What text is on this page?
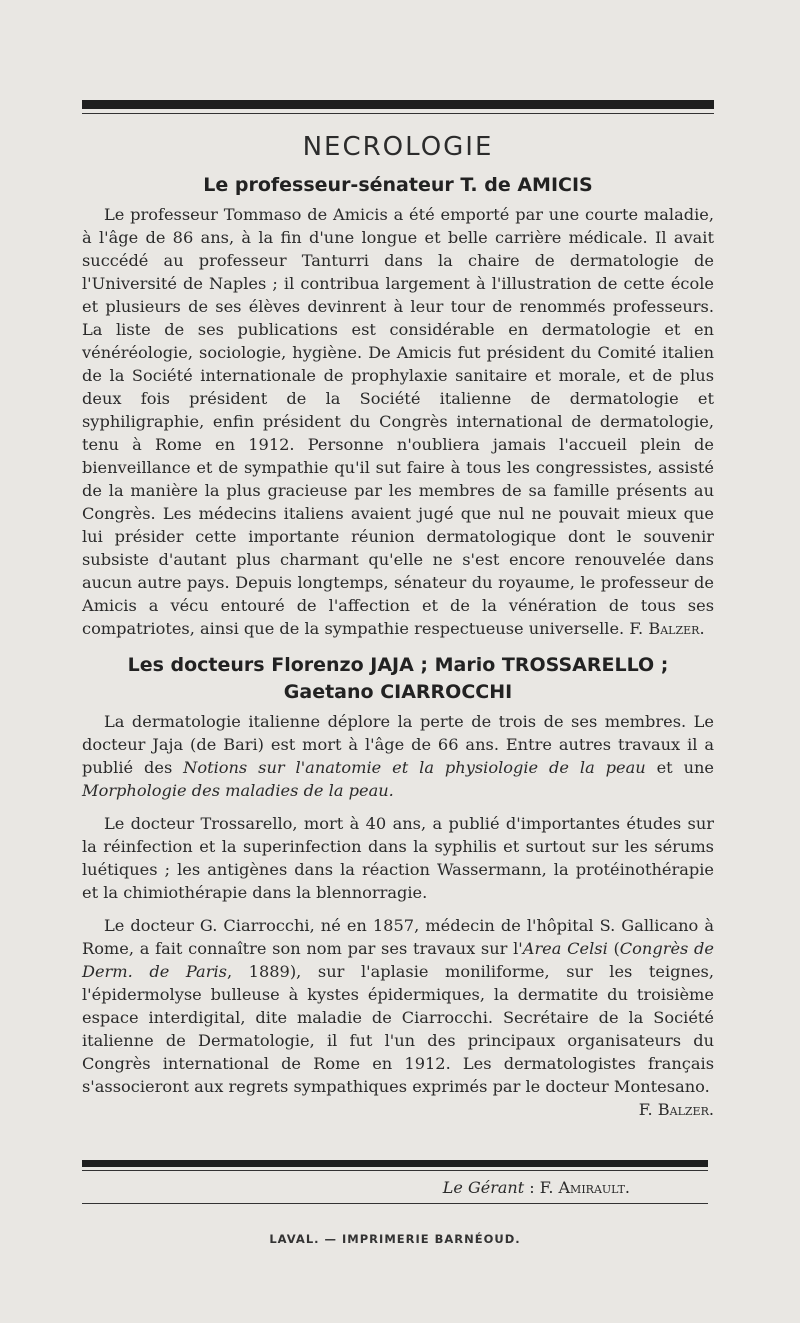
NECROLOGIE
Le professeur-sénateur T. de AMICIS

Le professeur Tommaso de Amicis a été emporté par une courte maladie, à l'âge de 86 ans, à la fin d'une longue et belle carrière médicale. Il avait succédé au professeur Tanturri dans la chaire de dermatologie de l'Université de Naples ; il contribua largement à l'illustration de cette école et plusieurs de ses élèves devinrent à leur tour de renommés professeurs. La liste de ses publications est considérable en dermatologie et en vénéréologie, sociologie, hygiène. De Amicis fut président du Comité italien de la Société internationale de prophylaxie sanitaire et morale, et de plus deux fois président de la Société italienne de dermatologie et syphiligraphie, enfin président du Congrès international de dermatologie, tenu à Rome en 1912. Personne n'oubliera jamais l'accueil plein de bienveillance et de sympathie qu'il sut faire à tous les congressistes, assisté de la manière la plus gracieuse par les membres de sa famille présents au Congrès. Les médecins italiens avaient jugé que nul ne pouvait mieux que lui présider cette importante réunion dermatologique dont le souvenir subsiste d'autant plus charmant qu'elle ne s'est encore renouvelée dans aucun autre pays. Depuis longtemps, sénateur du royaume, le professeur de Amicis a vécu entouré de l'affection et de la vénération de tous ses compatriotes, ainsi que de la sympathie respectueuse universelle. F. Balzer.

Les docteurs Florenzo JAJA ; Mario TROSSARELLO ;
Gaetano CIARROCCHI

La dermatologie italienne déplore la perte de trois de ses membres. Le docteur Jaja (de Bari) est mort à l'âge de 66 ans. Entre autres travaux il a publié des Notions sur l'anatomie et la physiologie de la peau et une Morphologie des maladies de la peau.

Le docteur Trossarello, mort à 40 ans, a publié d'importantes études sur la réinfection et la superinfection dans la syphilis et surtout sur les sérums luétiques ; les antigènes dans la réaction Wassermann, la protéinothérapie et la chimiothérapie dans la blennorragie.

Le docteur G. Ciarrocchi, né en 1857, médecin de l'hôpital S. Gallicano à Rome, a fait connaître son nom par ses travaux sur l'Area Celsi (Congrès de Derm. de Paris, 1889), sur l'aplasie moniliforme, sur les teignes, l'épidermolyse bulleuse à kystes épidermiques, la dermatite du troisième espace interdigital, dite maladie de Ciarrocchi. Secrétaire de la Société italienne de Dermatologie, il fut l'un des principaux organisateurs du Congrès international de Rome en 1912. Les dermatologistes français s'associeront aux regrets sympathiques exprimés par le docteur Montesano.
F. Balzer.

Le Gérant : F. Amirault.
LAVAL. — IMPRIMERIE BARNÉOUD.
